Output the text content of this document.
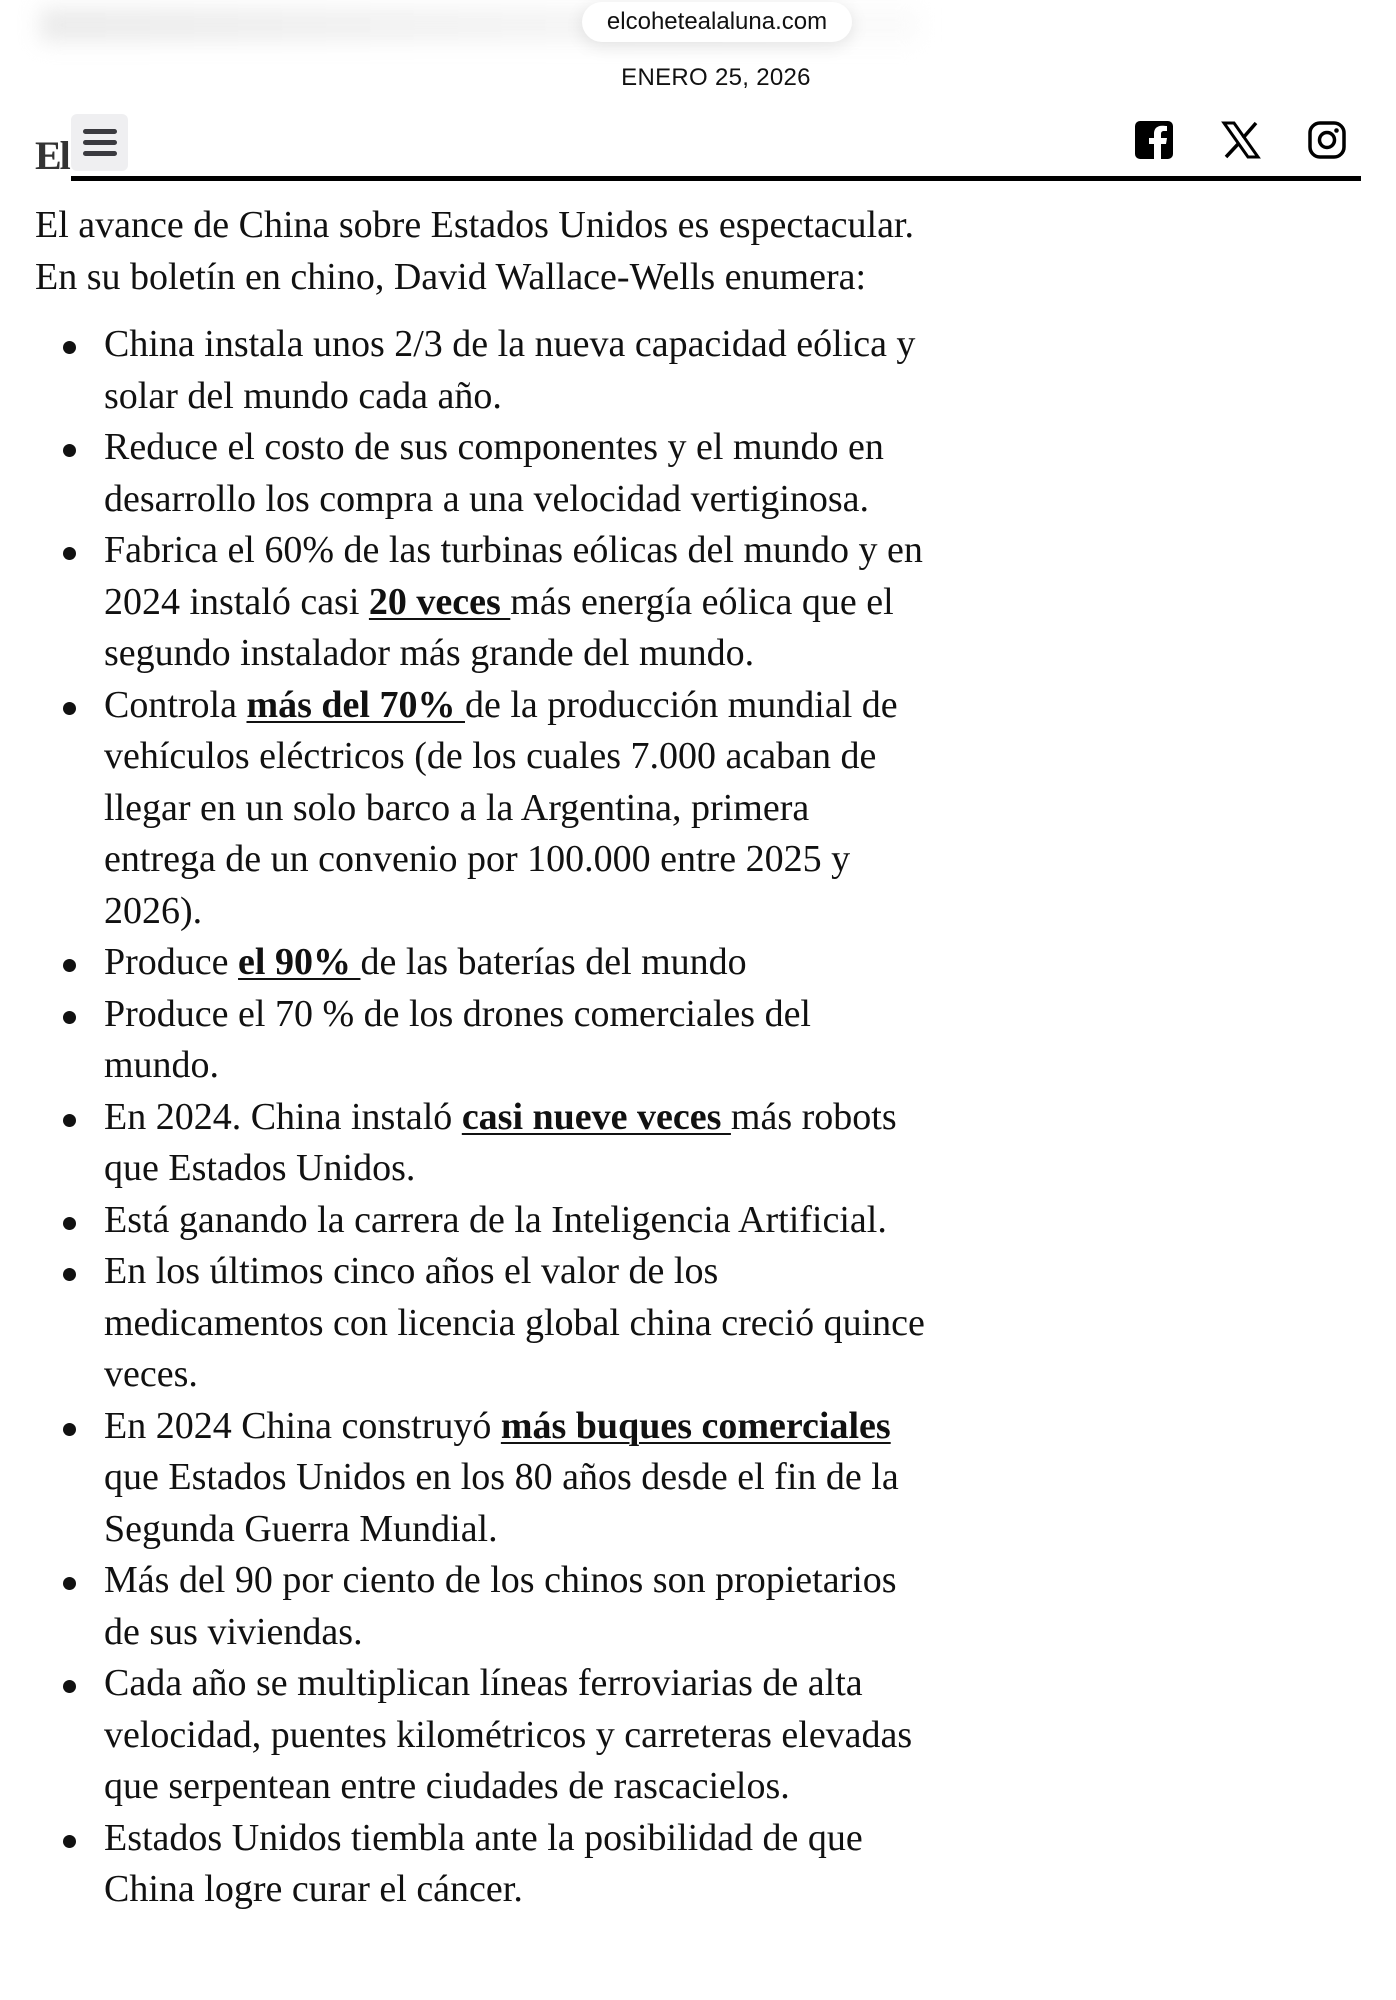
elcohetealaluna.com
ENERO 25, 2026
El

El avance de China sobre Estados Unidos es espectacular. En su boletín en chino, David Wallace-Wells enumera:

China instala unos 2/3 de la nueva capacidad eólica y solar del mundo cada año.
Reduce el costo de sus componentes y el mundo en desarrollo los compra a una velocidad vertiginosa.
Fabrica el 60% de las turbinas eólicas del mundo y en 2024 instaló casi 20 veces más energía eólica que el segundo instalador más grande del mundo.
Controla más del 70% de la producción mundial de vehículos eléctricos (de los cuales 7.000 acaban de llegar en un solo barco a la Argentina, primera entrega de un convenio por 100.000 entre 2025 y 2026).
Produce el 90% de las baterías del mundo
Produce el 70 % de los drones comerciales del mundo.
En 2024. China instaló casi nueve veces más robots que Estados Unidos.
Está ganando la carrera de la Inteligencia Artificial.
En los últimos cinco años el valor de los medicamentos con licencia global china creció quince veces.
En 2024 China construyó más buques comerciales que Estados Unidos en los 80 años desde el fin de la Segunda Guerra Mundial.
Más del 90 por ciento de los chinos son propietarios de sus viviendas.
Cada año se multiplican líneas ferroviarias de alta velocidad, puentes kilométricos y carreteras elevadas que serpentean entre ciudades de rascacielos.
Estados Unidos tiembla ante la posibilidad de que China logre curar el cáncer.
